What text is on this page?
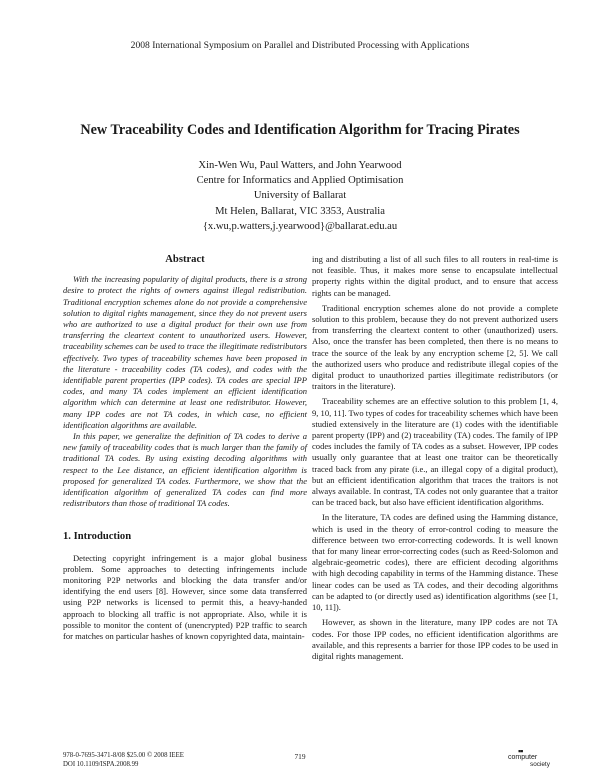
2008 International Symposium on Parallel and Distributed Processing with Applications
New Traceability Codes and Identification Algorithm for Tracing Pirates
Xin-Wen Wu, Paul Watters, and John Yearwood
Centre for Informatics and Applied Optimisation
University of Ballarat
Mt Helen, Ballarat, VIC 3353, Australia
{x.wu,p.watters,j.yearwood}@ballarat.edu.au
Abstract

With the increasing popularity of digital products, there is a strong desire to protect the rights of owners against illegal redistribution. Traditional encryption schemes alone do not provide a comprehensive solution to digital rights management, since they do not prevent users who are authorized to use a digital product for their own use from transferring the cleartext content to unauthorized users. However, traceability schemes can be used to trace the illegitimate redistributors effectively. Two types of traceability schemes have been proposed in the literature - traceability codes (TA codes), and codes with the identifiable parent properties (IPP codes). TA codes are special IPP codes, and many TA codes implement an efficient identification algorithm which can determine at least one redistributor. However, many IPP codes are not TA codes, in which case, no efficient identification algorithms are available.

In this paper, we generalize the definition of TA codes to derive a new family of traceability codes that is much larger than the family of traditional TA codes. By using existing decoding algorithms with respect to the Lee distance, an efficient identification algorithm is proposed for generalized TA codes. Furthermore, we show that the identification algorithm of generalized TA codes can find more redistributors than those of traditional TA codes.

1. Introduction

Detecting copyright infringement is a major global business problem. Some approaches to detecting infringements include monitoring P2P networks and blocking the data transfer and/or identifying the end users [8]. However, since some data transferred using P2P networks is licensed to permit this, a heavy-handed approach to blocking all traffic is not appropriate. Also, while it is possible to monitor the content of (unencrypted) P2P traffic to search for matches on particular hashes of known copyrighted data, maintain-

ing and distributing a list of all such files to all routers in real-time is not feasible. Thus, it makes more sense to encapsulate intellectual property rights within the digital product, and to ensure that access rights can be managed.

Traditional encryption schemes alone do not provide a complete solution to this problem, because they do not prevent authorized users from transferring the cleartext content to other (unauthorized) users. Also, once the transfer has been completed, then there is no means to trace the source of the leak by any encryption scheme [2, 5]. We call the authorized users who produce and redistribute illegal copies of the digital product to unauthorized parties illegitimate redistributors (or traitors in the literature).

Traceability schemes are an effective solution to this problem [1, 4, 9, 10, 11]. Two types of codes for traceability schemes which have been studied extensively in the literature are (1) codes with the identifiable parent property (IPP) and (2) traceability (TA) codes. The family of IPP codes includes the family of TA codes as a subset. However, IPP codes usually only guarantee that at least one traitor can be theoretically traced back from any pirate (i.e., an illegal copy of a digital product), but an efficient identification algorithm that traces the traitors is not always available. In contrast, TA codes not only guarantee that a traitor can be traced back, but also have efficient identification algorithms.

In the literature, TA codes are defined using the Hamming distance, which is used in the theory of error-control coding to measure the difference between two error-correcting codewords. It is well known that for many linear error-correcting codes (such as Reed-Solomon and algebraic-geometric codes), there are efficient decoding algorithms with high decoding capability in terms of the Hamming distance. These linear codes can be used as TA codes, and their decoding algorithms can be adapted to (or directly used as) identification algorithms (see [1, 10, 11]).

However, as shown in the literature, many IPP codes are not TA codes. For those IPP codes, no efficient identification algorithms are available, and this represents a barrier for those IPP codes to be used in digital rights management.

978-0-7695-3471-8/08 $25.00 © 2008 IEEE
DOI 10.1109/ISPA.2008.99
719
▪▪
computer
society
